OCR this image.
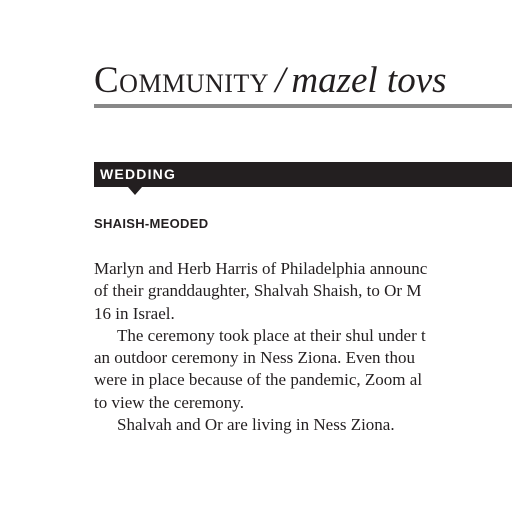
Community / mazel tovs
WEDDING
SHAISH-MEODED
Marlyn and Herb Harris of Philadelphia announc
of their granddaughter, Shalvah Shaish, to Or M
16 in Israel.
The ceremony took place at their shul under t
an outdoor ceremony in Ness Ziona. Even thou
were in place because of the pandemic, Zoom al
to view the ceremony.
Shalvah and Or are living in Ness Ziona.
